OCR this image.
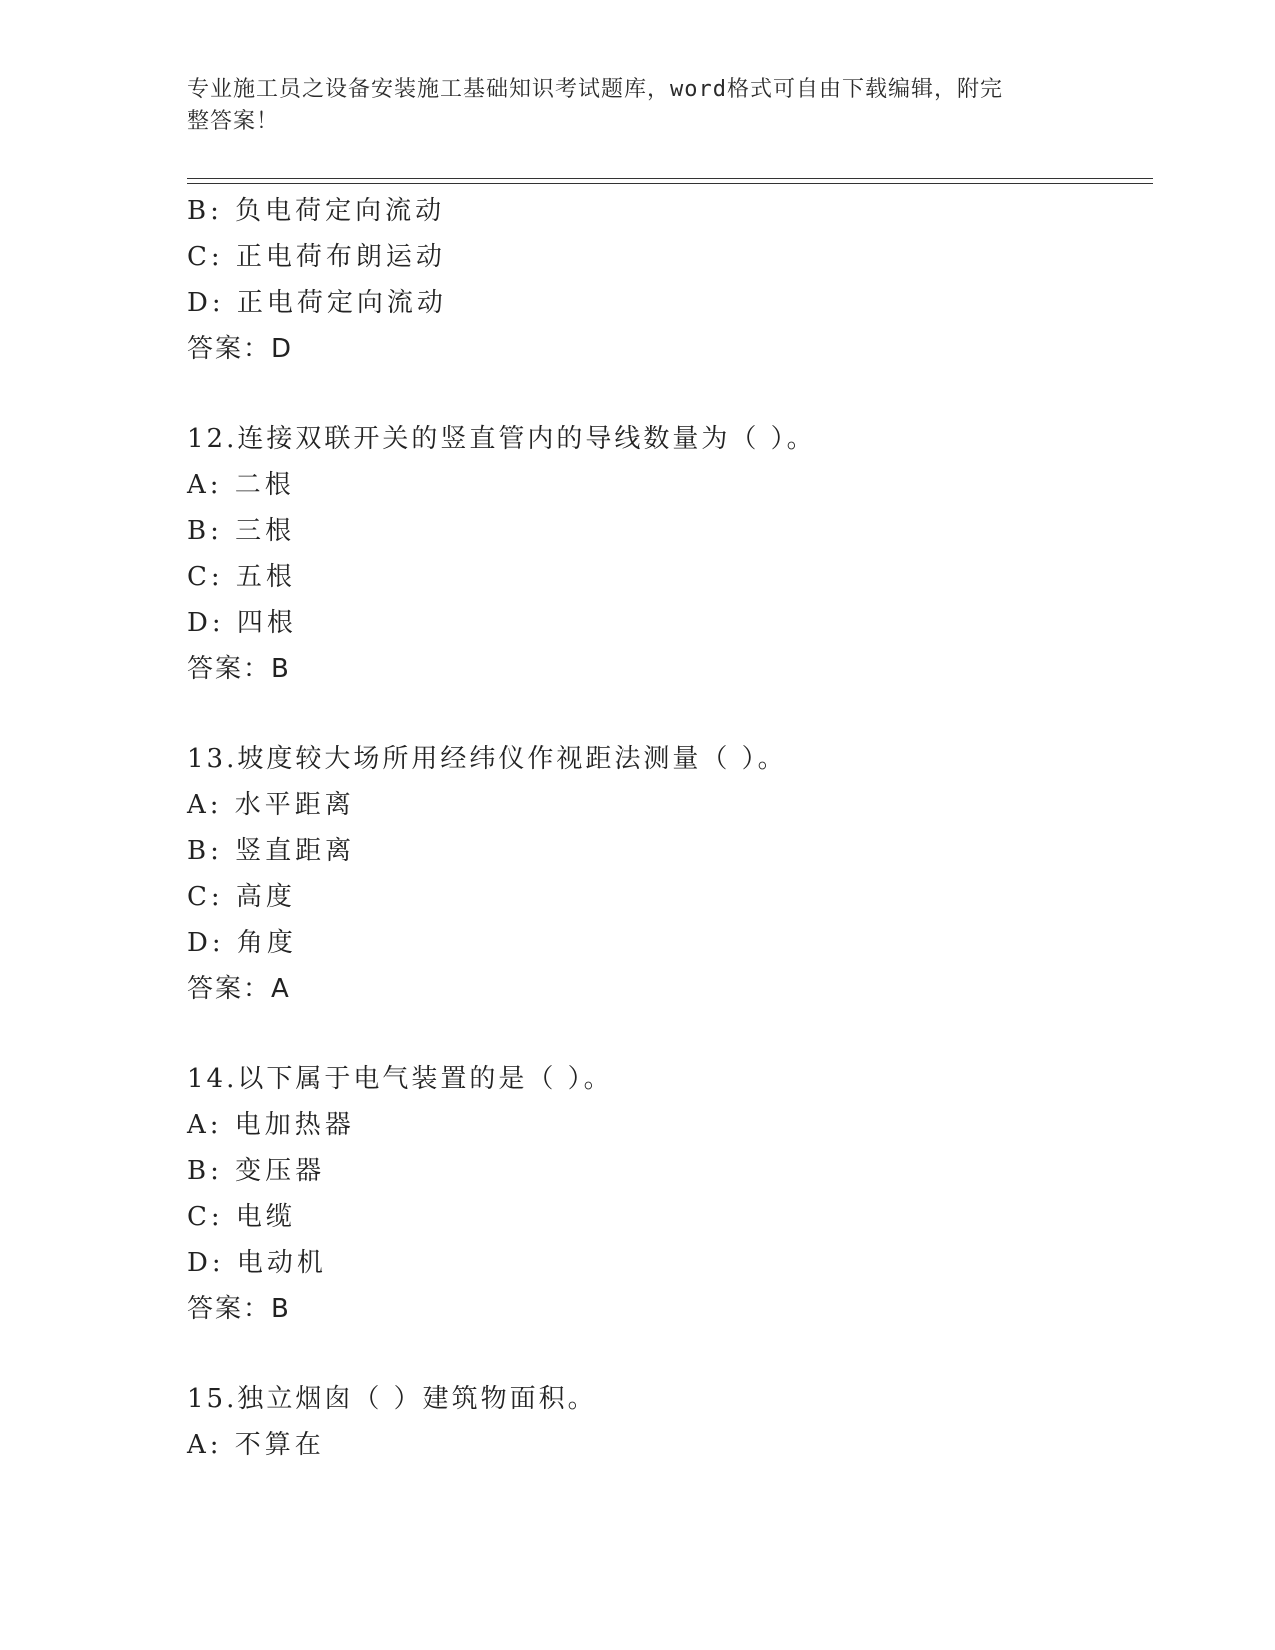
专业施工员之设备安装施工基础知识考试题库，word格式可自由下载编辑，附完
整答案！
B: 负电荷定向流动
C: 正电荷布朗运动
D: 正电荷定向流动
答案：D
12.连接双联开关的竖直管内的导线数量为（ ）。
A: 二根
B: 三根
C: 五根
D: 四根
答案：B
13.坡度较大场所用经纬仪作视距法测量（ ）。
A: 水平距离
B: 竖直距离
C: 高度
D: 角度
答案：A
14.以下属于电气装置的是（ ）。
A: 电加热器
B: 变压器
C: 电缆
D: 电动机
答案：B
15.独立烟囱（ ）建筑物面积。
A: 不算在
